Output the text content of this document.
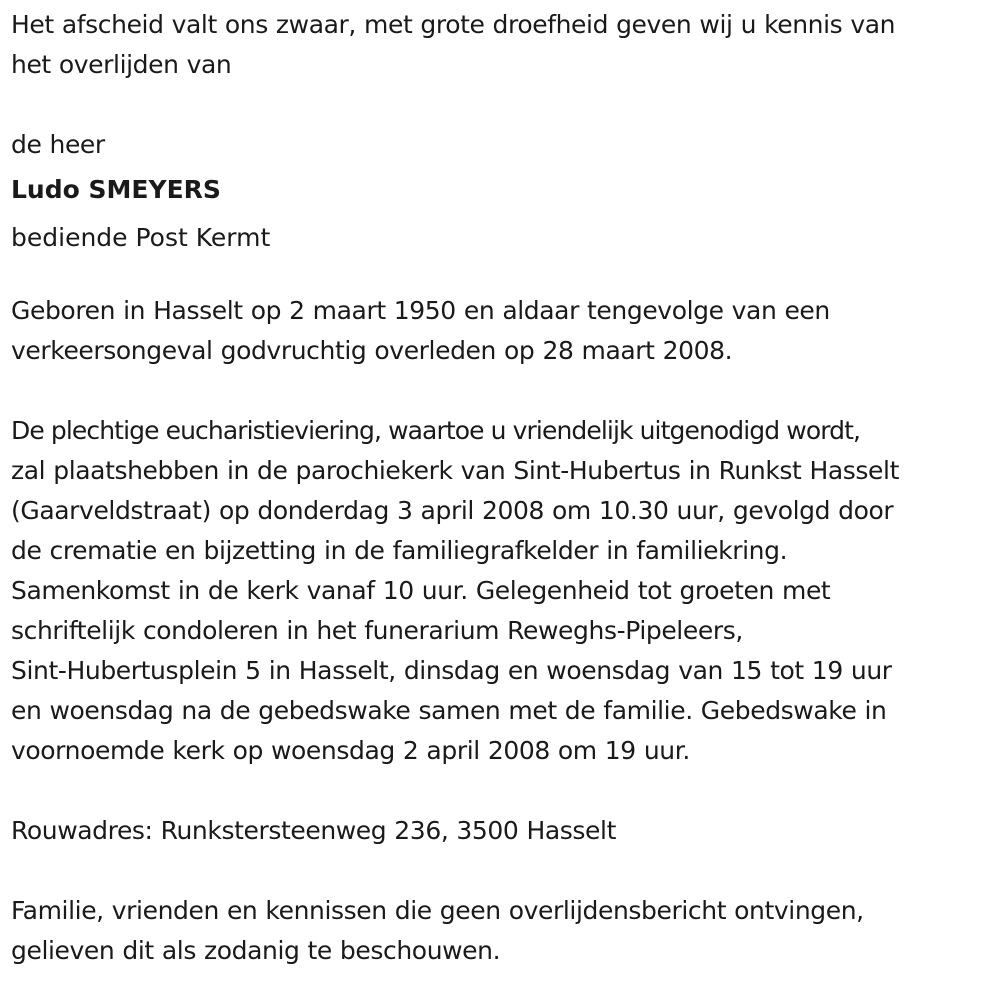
Het afscheid valt ons zwaar, met grote droefheid geven wij u kennis van
het overlijden van
de heer
Ludo SMEYERS
bediende Post Kermt
Geboren in Hasselt op 2 maart 1950 en aldaar tengevolge van een
verkeersongeval godvruchtig overleden op 28 maart 2008.
De plechtige eucharistieviering, waartoe u vriendelijk uitgenodigd wordt,
zal plaatshebben in de parochiekerk van Sint-Hubertus in Runkst Hasselt
(Gaarveldstraat) op donderdag 3 april 2008 om 10.30 uur, gevolgd door
de crematie en bijzetting in de familiegrafkelder in familiekring.
Samenkomst in de kerk vanaf 10 uur. Gelegenheid tot groeten met
schriftelijk condoleren in het funerarium Reweghs-Pipeleers,
Sint-Hubertusplein 5 in Hasselt, dinsdag en woensdag van 15 tot 19 uur
en woensdag na de gebedswake samen met de familie. Gebedswake in
voornoemde kerk op woensdag 2 april 2008 om 19 uur.
Rouwadres: Runkstersteenweg 236, 3500 Hasselt
Familie, vrienden en kennissen die geen overlijdensbericht ontvingen,
gelieven dit als zodanig te beschouwen.
